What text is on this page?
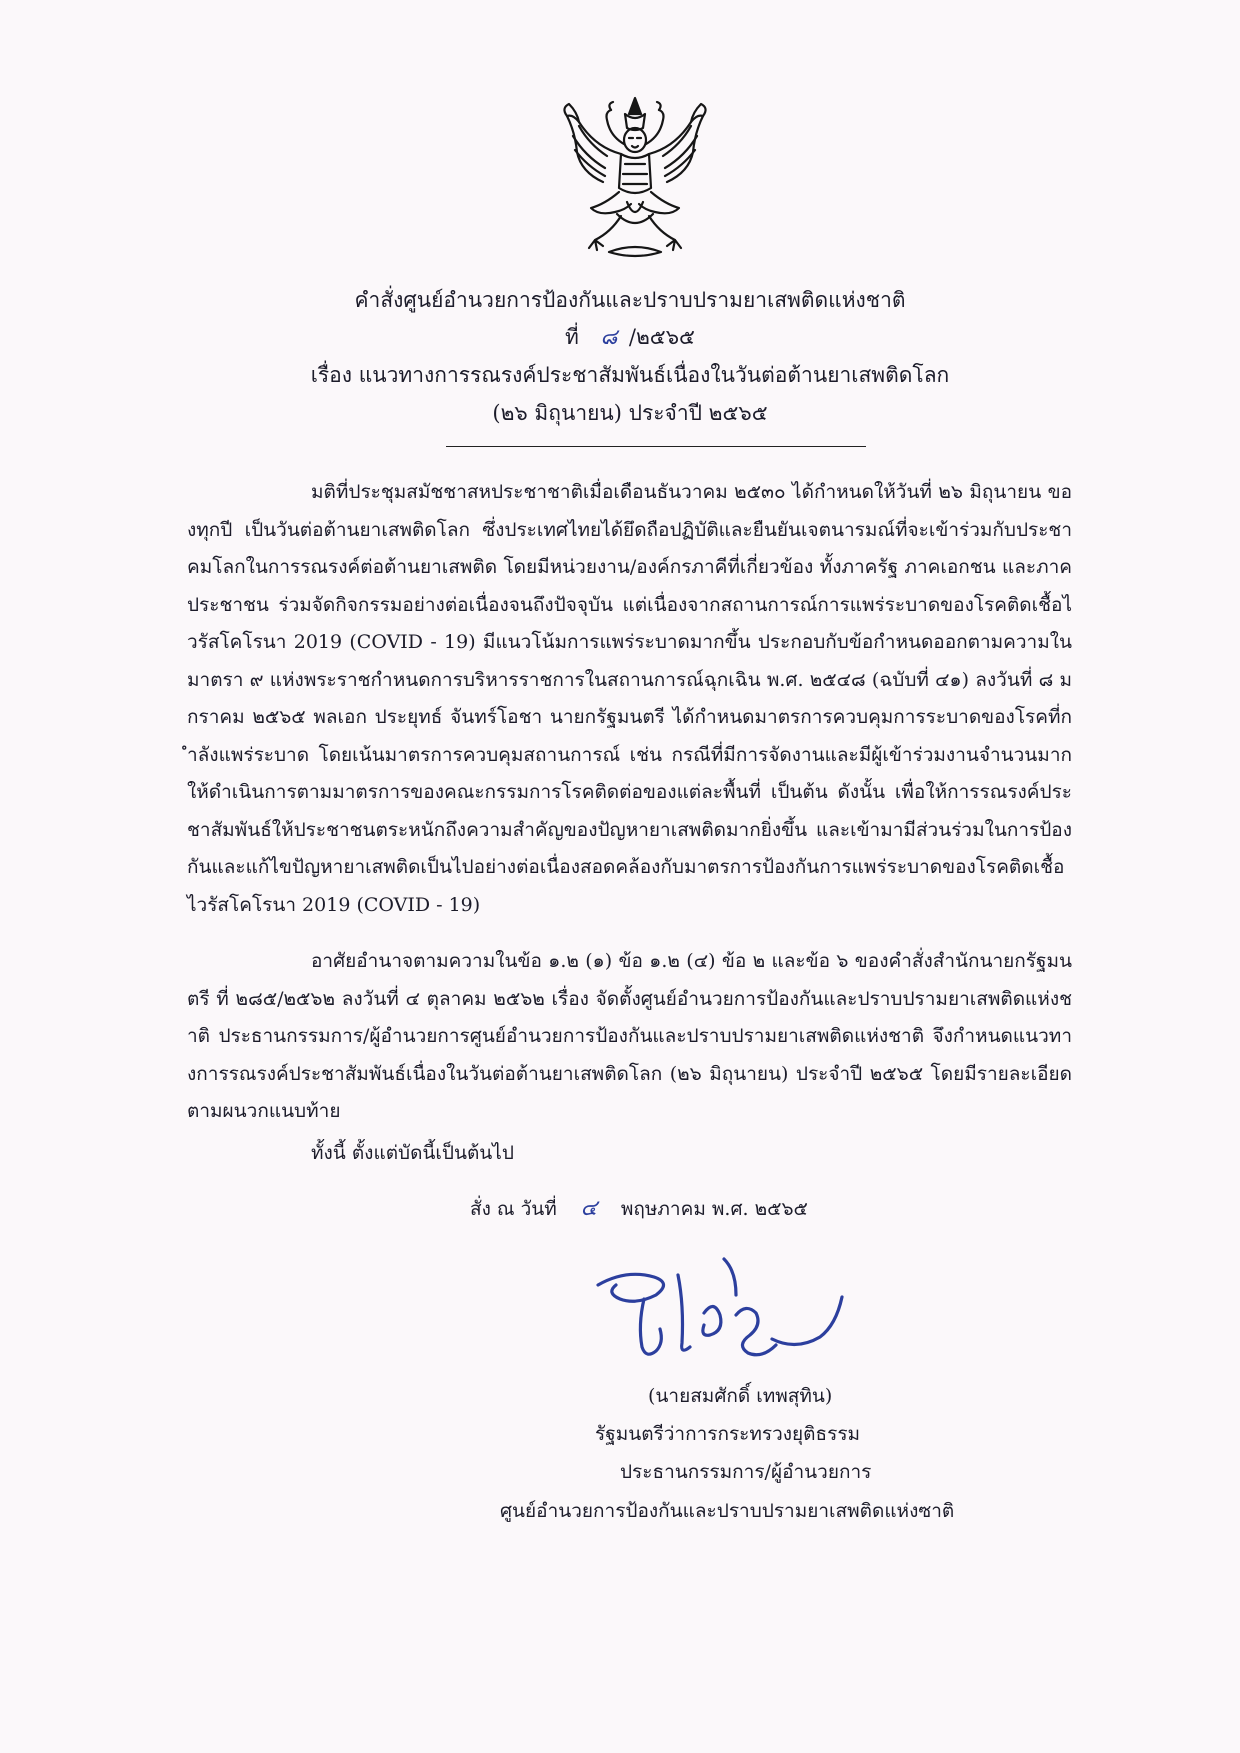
คำสั่งศูนย์อำนวยการป้องกันและปราบปรามยาเสพติดแห่งชาติ
ที่ ๘ /๒๕๖๕
เรื่อง แนวทางการรณรงค์ประชาสัมพันธ์เนื่องในวันต่อต้านยาเสพติดโลก
(๒๖ มิถุนายน) ประจำปี ๒๕๖๕
มติที่ประชุมสมัชชาสหประชาชาติเมื่อเดือนธันวาคม ๒๕๓๐ ได้กำหนดให้วันที่ ๒๖ มิถุนายน ของทุกปี เป็นวันต่อต้านยาเสพติดโลก ซึ่งประเทศไทยได้ยึดถือปฏิบัติและยืนยันเจตนารมณ์ที่จะเข้าร่วมกับประชาคมโลกในการรณรงค์ต่อต้านยาเสพติด โดยมีหน่วยงาน/องค์กรภาคีที่เกี่ยวข้อง ทั้งภาครัฐ ภาคเอกชน และภาคประชาชน ร่วมจัดกิจกรรมอย่างต่อเนื่องจนถึงปัจจุบัน แต่เนื่องจากสถานการณ์การแพร่ระบาดของโรคติดเชื้อไวรัสโคโรนา 2019 (COVID - 19) มีแนวโน้มการแพร่ระบาดมากขึ้น ประกอบกับข้อกำหนดออกตามความในมาตรา ๙ แห่งพระราชกำหนดการบริหารราชการในสถานการณ์ฉุกเฉิน พ.ศ. ๒๕๔๘ (ฉบับที่ ๔๑) ลงวันที่ ๘ มกราคม ๒๕๖๕ พลเอก ประยุทธ์ จันทร์โอชา นายกรัฐมนตรี ได้กำหนดมาตรการควบคุมการระบาดของโรคที่กำลังแพร่ระบาด โดยเน้นมาตรการควบคุมสถานการณ์ เช่น กรณีที่มีการจัดงานและมีผู้เข้าร่วมงานจำนวนมาก ให้ดำเนินการตามมาตรการของคณะกรรมการโรคติดต่อของแต่ละพื้นที่ เป็นต้น ดังนั้น เพื่อให้การรณรงค์ประชาสัมพันธ์ให้ประชาชนตระหนักถึงความสำคัญของปัญหายาเสพติดมากยิ่งขึ้น และเข้ามามีส่วนร่วมในการป้องกันและแก้ไขปัญหายาเสพติดเป็นไปอย่างต่อเนื่องสอดคล้องกับมาตรการป้องกันการแพร่ระบาดของโรคติดเชื้อไวรัสโคโรนา 2019 (COVID - 19)
อาศัยอำนาจตามความในข้อ ๑.๒ (๑) ข้อ ๑.๒ (๔) ข้อ ๒ และข้อ ๖ ของคำสั่งสำนักนายกรัฐมนตรี ที่ ๒๘๕/๒๕๖๒ ลงวันที่ ๔ ตุลาคม ๒๕๖๒ เรื่อง จัดตั้งศูนย์อำนวยการป้องกันและปราบปรามยาเสพติดแห่งชาติ ประธานกรรมการ/ผู้อำนวยการศูนย์อำนวยการป้องกันและปราบปรามยาเสพติดแห่งชาติ จึงกำหนดแนวทางการรณรงค์ประชาสัมพันธ์เนื่องในวันต่อต้านยาเสพติดโลก (๒๖ มิถุนายน) ประจำปี ๒๕๖๕ โดยมีรายละเอียดตามผนวกแนบท้าย
ทั้งนี้ ตั้งแต่บัดนี้เป็นต้นไป
สั่ง ณ วันที่ ๔ พฤษภาคม พ.ศ. ๒๕๖๕
(นายสมศักดิ์ เทพสุทิน)
รัฐมนตรีว่าการกระทรวงยุติธรรม
ประธานกรรมการ/ผู้อำนวยการ
ศูนย์อำนวยการป้องกันและปราบปรามยาเสพติดแห่งซาติ
